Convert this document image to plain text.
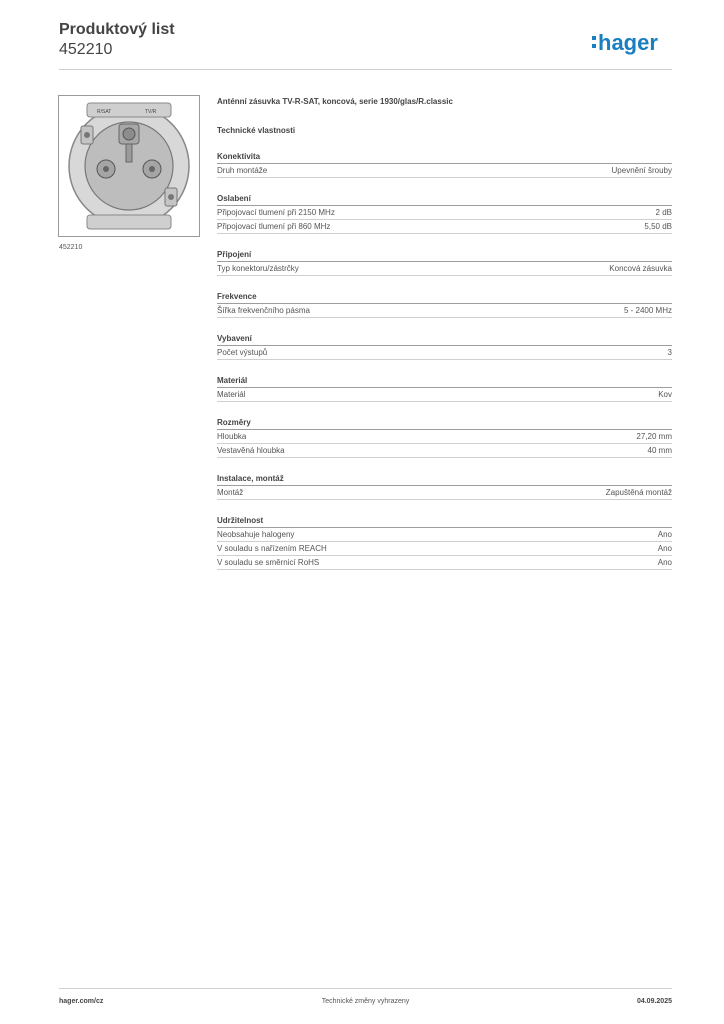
Produktový list
452210	hager
R/SAT	TV/R
452210
Anténní zásuvka TV-R-SAT, koncová, serie 1930/glas/R.classic
Technické vlastnosti
Konektivita
Druh montáže	Upevnění šrouby
Oslabení
Připojovací tlumení při 2150 MHz	2 dB
Připojovací tlumení při 860 MHz	5,50 dB
Připojení
Typ konektoru/zástrčky	Koncová zásuvka
Frekvence
Šířka frekvenčního pásma	5 - 2400 MHz
Vybavení
Počet výstupů	3
Materiál
Materiál	Kov
Rozměry
Hloubka	27,20 mm
Vestavěná hloubka	40 mm
Instalace, montáž
Montáž	Zapuštěná montáž
Udržitelnost
Neobsahuje halogeny	Ano
V souladu s nařízením REACH	Ano
V souladu se směrnicí RoHS	Ano
hager.com/cz	Technické změny vyhrazeny	04.09.2025
